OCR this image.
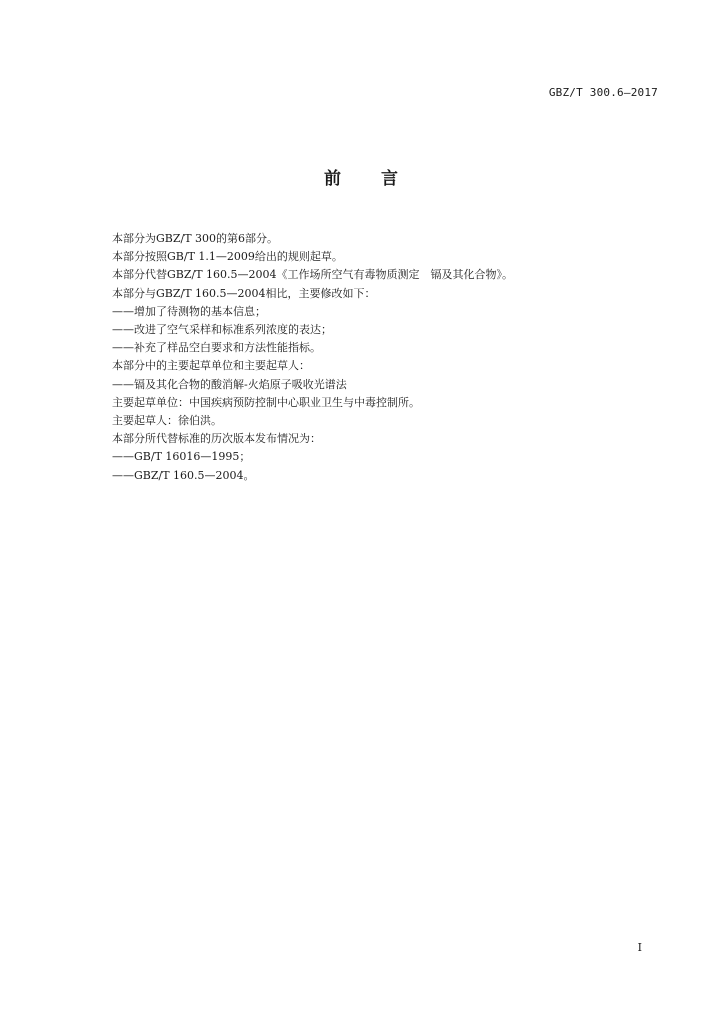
GBZ/T 300.6—2017
前　　言

本部分为GBZ/T 300的第6部分。

本部分按照GB/T 1.1—2009给出的规则起草。

本部分代替GBZ/T 160.5—2004《工作场所空气有毒物质测定　镉及其化合物》。

本部分与GBZ/T 160.5—2004相比，主要修改如下：

——增加了待测物的基本信息；

——改进了空气采样和标准系列浓度的表达；

——补充了样品空白要求和方法性能指标。

本部分中的主要起草单位和主要起草人：

——镉及其化合物的酸消解-火焰原子吸收光谱法

主要起草单位：中国疾病预防控制中心职业卫生与中毒控制所。

主要起草人：徐伯洪。

本部分所代替标准的历次版本发布情况为：

——GB/T 16016—1995；

——GBZ/T 160.5—2004。

I
